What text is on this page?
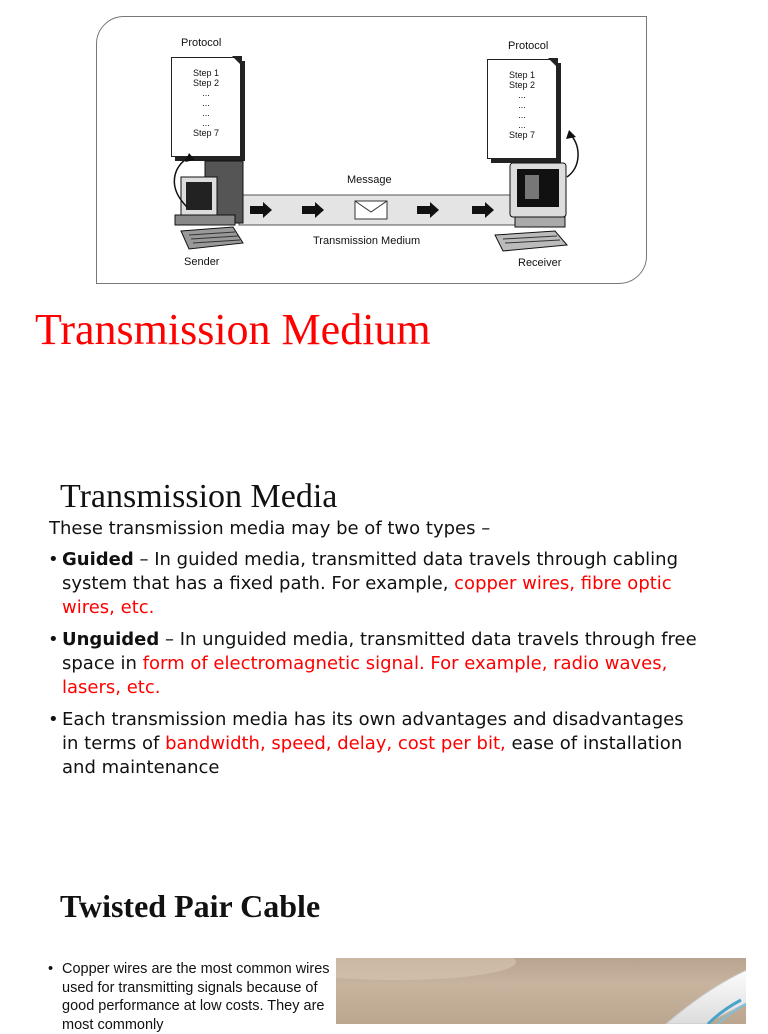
Protocol	Protocol
Step 1
Step 2
...
...
...
...
Step 7
Step 1
Step 2
...
...
...
...
Step 7
Message
Transmission Medium
Sender	Receiver
Transmission Medium
Transmission Media
These transmission media may be of two types –
• Guided – In guided media, transmitted data travels through cabling system that has a fixed path. For example, copper wires, fibre optic wires, etc.
• Unguided – In unguided media, transmitted data travels through free space in form of electromagnetic signal. For example, radio waves, lasers, etc.
• Each transmission media has its own advantages and disadvantages in terms of bandwidth, speed, delay, cost per bit, ease of installation and maintenance
Twisted Pair Cable

• Copper wires are the most common wires used for transmitting signals because of good performance at low costs. They are most commonly
